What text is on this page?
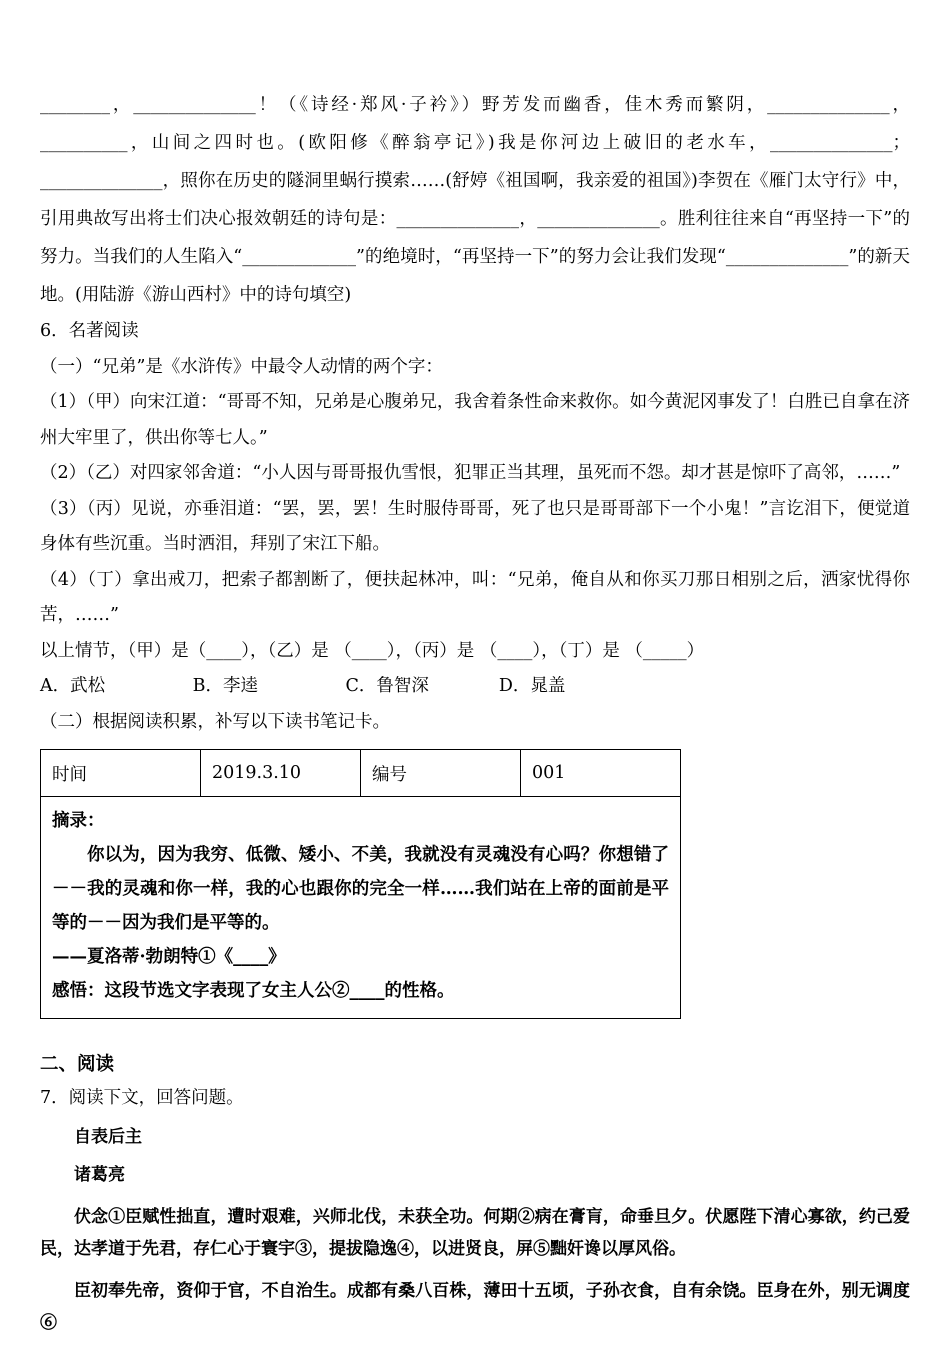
________，______________！（《诗经·郑风·子衿》）野芳发而幽香，佳木秀而繁阴，______________，__________，山间之四时也。(欧阳修《醉翁亭记》)我是你河边上破旧的老水车，______________；______________，照你在历史的隧洞里蜗行摸索……(舒婷《祖国啊，我亲爱的祖国》)李贺在《雁门太守行》中，引用典故写出将士们决心报效朝廷的诗句是：______________，______________。胜利往往来自“再坚持一下”的努力。当我们的人生陷入“_____________”的绝境时，“再坚持一下”的努力会让我们发现“______________”的新天地。(用陆游《游山西村》中的诗句填空)

6．名著阅读

（一）“兄弟”是《水浒传》中最令人动情的两个字：

（1）（甲）向宋江道：“哥哥不知，兄弟是心腹弟兄，我舍着条性命来救你。如今黄泥冈事发了！白胜已自拿在济州大牢里了，供出你等七人。”

（2）（乙）对四家邻舍道：“小人因与哥哥报仇雪恨，犯罪正当其理，虽死而不怨。却才甚是惊吓了高邻，……”

（3）（丙）见说，亦垂泪道：“罢，罢，罢！生时服侍哥哥，死了也只是哥哥部下一个小鬼！”言讫泪下，便觉道身体有些沉重。当时洒泪，拜别了宋江下船。

（4）（丁）拿出戒刀，把索子都割断了，便扶起林冲，叫：“兄弟，俺自从和你买刀那日相别之后，洒家忧得你苦，……”

以上情节，（甲）是（____），（乙）是 （____），（丙）是 （____），（丁）是 （_____）

A．武松　　　　　B．李逵　　　　　C．鲁智深　　　　D．晁盖

（二）根据阅读积累，补写以下读书笔记卡。

时间	2019.3.10	编号	001

摘录：

你以为，因为我穷、低微、矮小、不美，我就没有灵魂没有心吗？你想错了－－我的灵魂和你一样，我的心也跟你的完全一样……我们站在上帝的面前是平等的－－因为我们是平等的。

——夏洛蒂·勃朗特①《____》

感悟：这段节选文字表现了女主人公②____的性格。

二、阅读

7．阅读下文，回答问题。

自表后主

诸葛亮

伏念①臣赋性拙直，遭时艰难，兴师北伐，未获全功。何期②病在膏肓，命垂旦夕。伏愿陛下清心寡欲，约己爱民，达孝道于先君，存仁心于寰宇③，提拔隐逸④，以进贤良，屏⑤黜奸谗以厚风俗。

臣初奉先帝，资仰于官，不自治生。成都有桑八百株，薄田十五顷，子孙衣食，自有余饶。臣身在外，别无调度⑥
